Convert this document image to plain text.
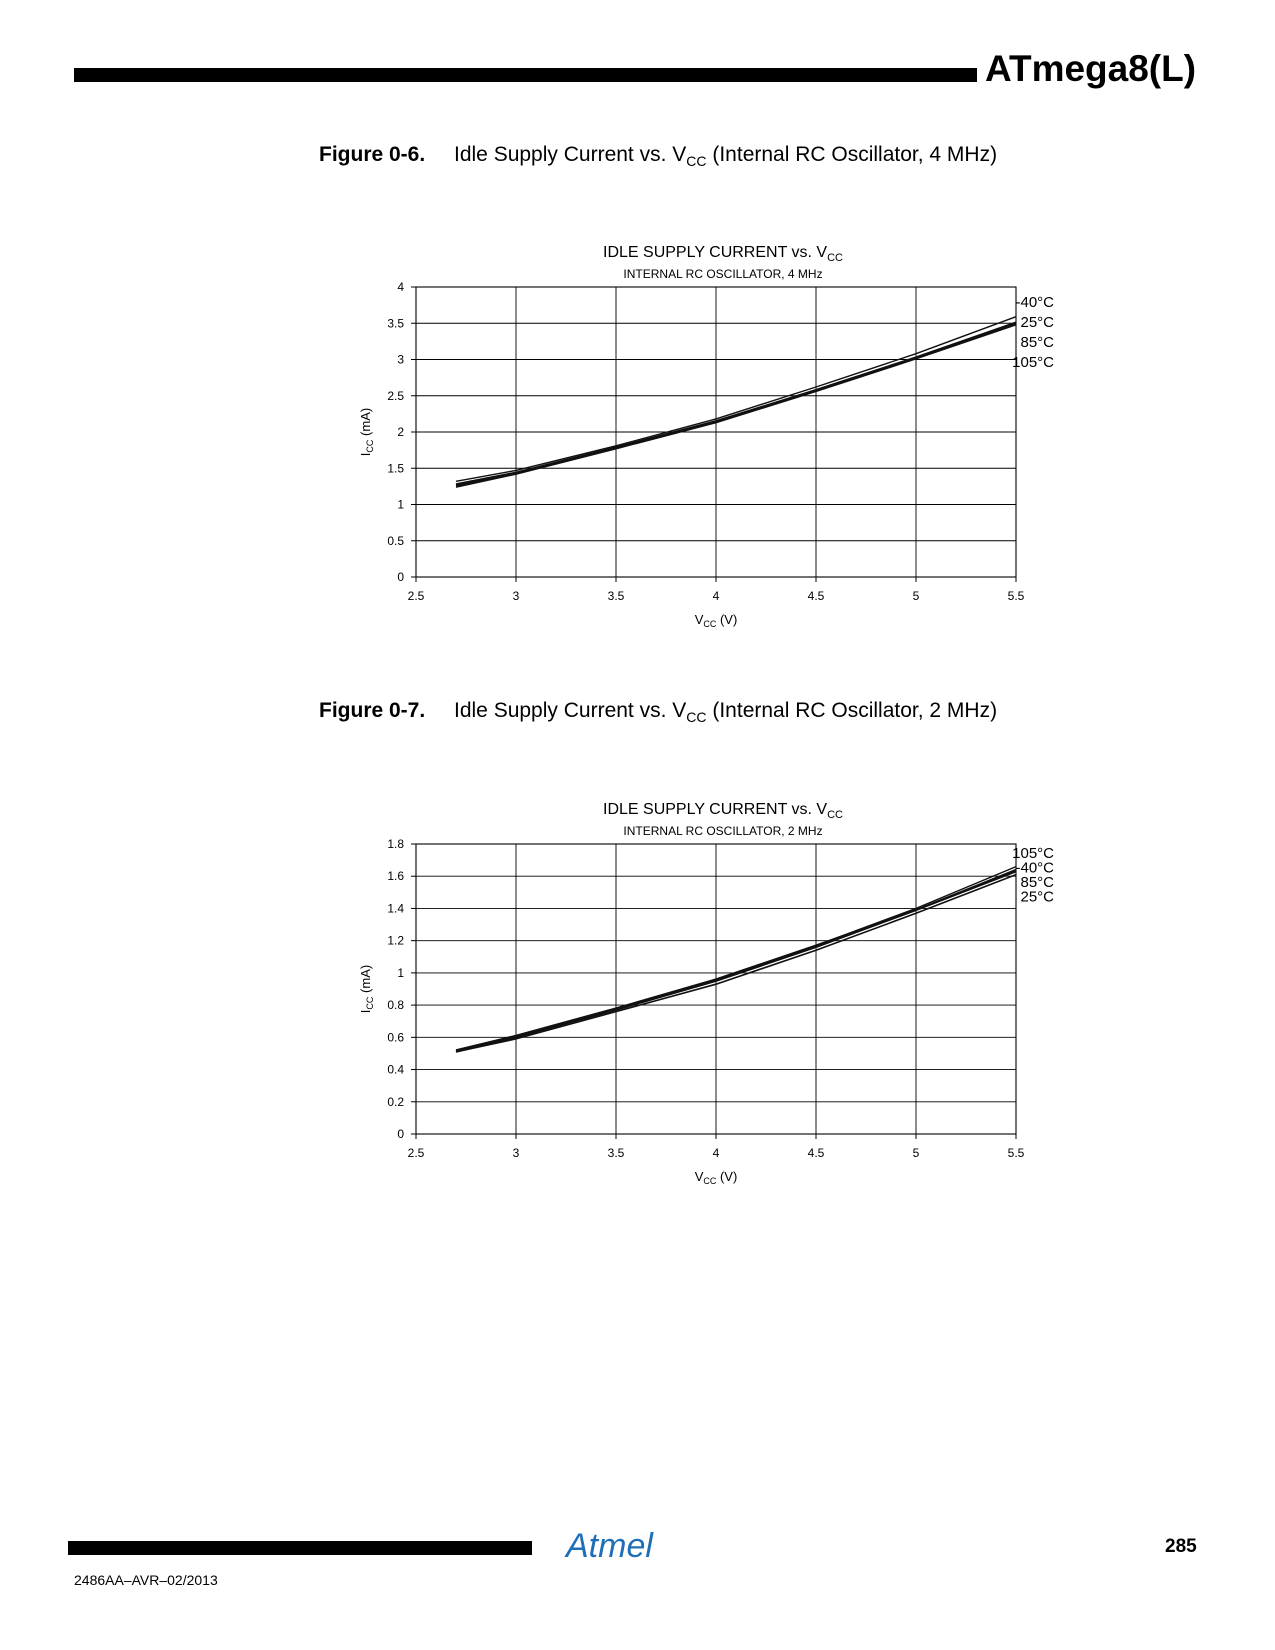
ATmega8(L)
Figure 0-6. Idle Supply Current vs. $V_{CC}$ (Internal RC Oscillator, 4 MHz)
IDLE SUPPLY CURRENT vs. $V_{CC}$
INTERNAL RC OSCILLATOR, 4 MHz
2.5	3	3.5	4	4.5	5	5.5
0
0.5
1
1.5
2
2.5
3
3.5
4
$V_{CC}$ (V)
$I_{CC}$ (mA)
-40°C
25°C
85°C
105°C
Figure 0-7. Idle Supply Current vs. $V_{CC}$ (Internal RC Oscillator, 2 MHz)
IDLE SUPPLY CURRENT vs. $V_{CC}$
INTERNAL RC OSCILLATOR, 2 MHz
2.5	3	3.5	4	4.5	5	5.5
0
0.2
0.4
0.6
0.8
1
1.2
1.4
1.6
1.8
$V_{CC}$ (V)
$I_{CC}$ (mA)
105°C
-40°C
85°C
25°C
Atmel	285
2486AA–AVR–02/2013
